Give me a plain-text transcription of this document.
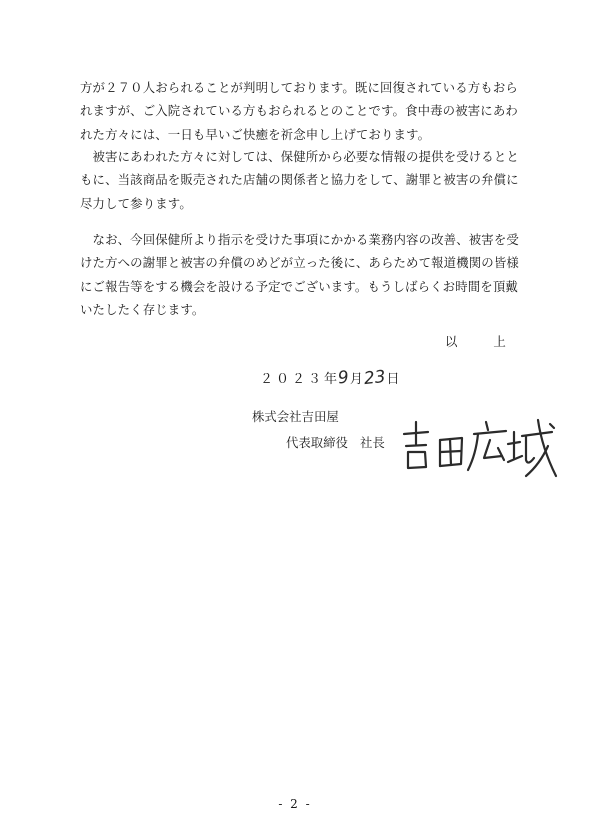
方が２７０人おられることが判明しております。既に回復されている方もおら
れますが、ご入院されている方もおられるとのことです。食中毒の被害にあわ
れた方々には、一日も早いご快癒を祈念申し上げております。
　被害にあわれた方々に対しては、保健所から必要な情報の提供を受けるとと
もに、当該商品を販売された店舗の関係者と協力をして、謝罪と被害の弁償に
尽力して参ります。
　なお、今回保健所より指示を受けた事項にかかる業務内容の改善、被害を受
けた方への謝罪と被害の弁償のめどが立った後に、あらためて報道機関の皆様
にご報告等をする機会を設ける予定でございます。もうしばらくお時間を頂戴
いたしたく存じます。
以上
２０２３ 年 9 月 23 日
株式会社吉田屋
代表取締役 社長
吉田広城
- 2 -
